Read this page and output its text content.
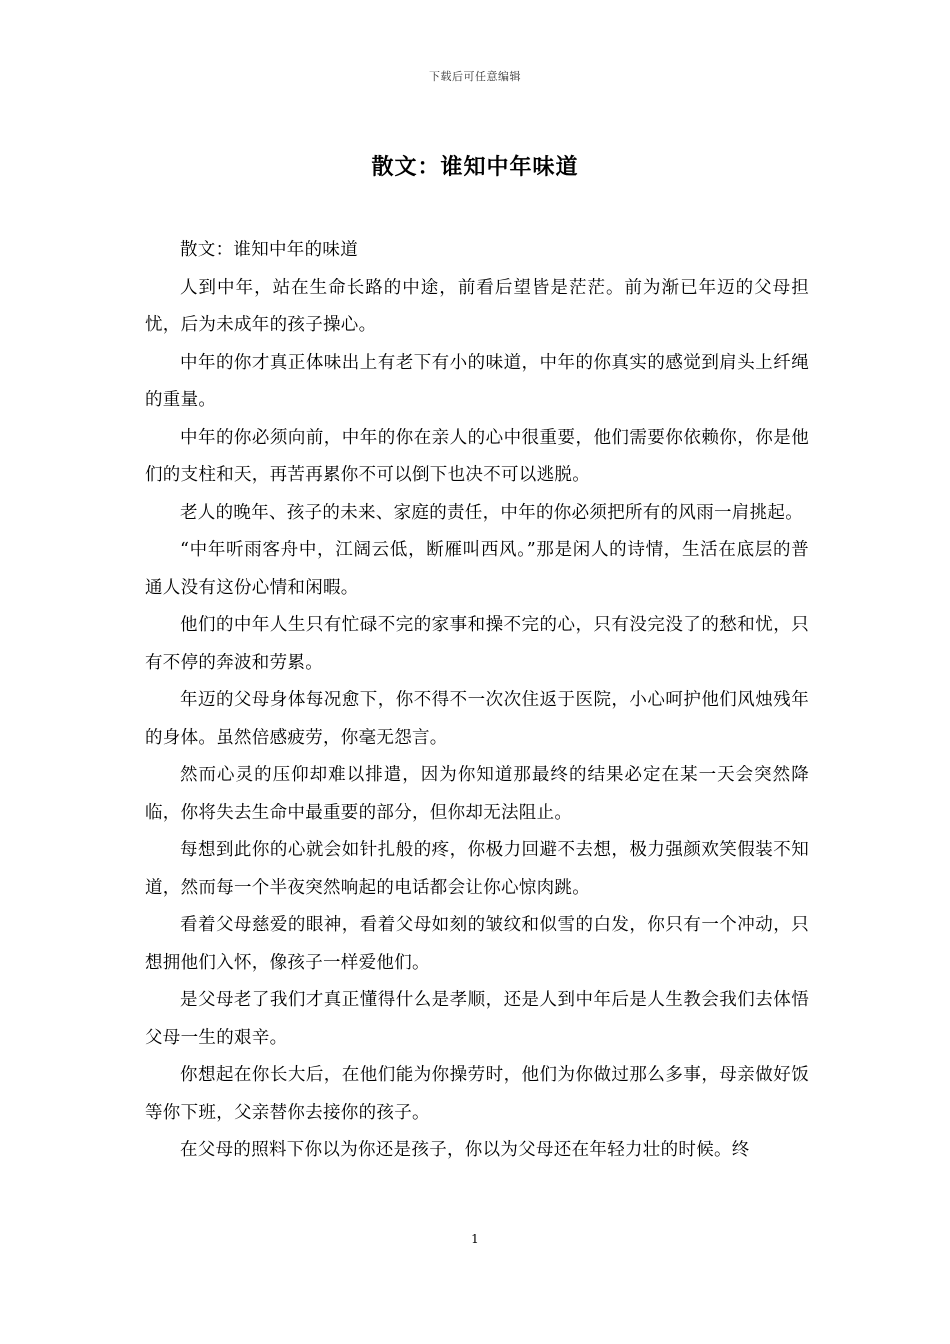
下载后可任意编辑
散文：谁知中年味道

散文：谁知中年的味道

人到中年，站在生命长路的中途，前看后望皆是茫茫。前为渐已年迈的父母担忧，后为未成年的孩子操心。

中年的你才真正体味出上有老下有小的味道，中年的你真实的感觉到肩头上纤绳的重量。

中年的你必须向前，中年的你在亲人的心中很重要，他们需要你依赖你，你是他们的支柱和天，再苦再累你不可以倒下也决不可以逃脱。

老人的晚年、孩子的未来、家庭的责任，中年的你必须把所有的风雨一肩挑起。

“中年听雨客舟中，江阔云低，断雁叫西风。”那是闲人的诗情，生活在底层的普通人没有这份心情和闲暇。

他们的中年人生只有忙碌不完的家事和操不完的心，只有没完没了的愁和忧，只有不停的奔波和劳累。

年迈的父母身体每况愈下，你不得不一次次住返于医院，小心呵护他们风烛残年的身体。虽然倍感疲劳，你毫无怨言。

然而心灵的压仰却难以排遣，因为你知道那最终的结果必定在某一天会突然降临，你将失去生命中最重要的部分，但你却无法阻止。

每想到此你的心就会如针扎般的疼，你极力回避不去想，极力强颜欢笑假装不知道，然而每一个半夜突然响起的电话都会让你心惊肉跳。

看着父母慈爱的眼神，看着父母如刻的皱纹和似雪的白发，你只有一个冲动，只想拥他们入怀，像孩子一样爱他们。

是父母老了我们才真正懂得什么是孝顺，还是人到中年后是人生教会我们去体悟父母一生的艰辛。

你想起在你长大后，在他们能为你操劳时，他们为你做过那么多事，母亲做好饭等你下班，父亲替你去接你的孩子。

在父母的照料下你以为你还是孩子，你以为父母还在年轻力壮的时候。终

1
